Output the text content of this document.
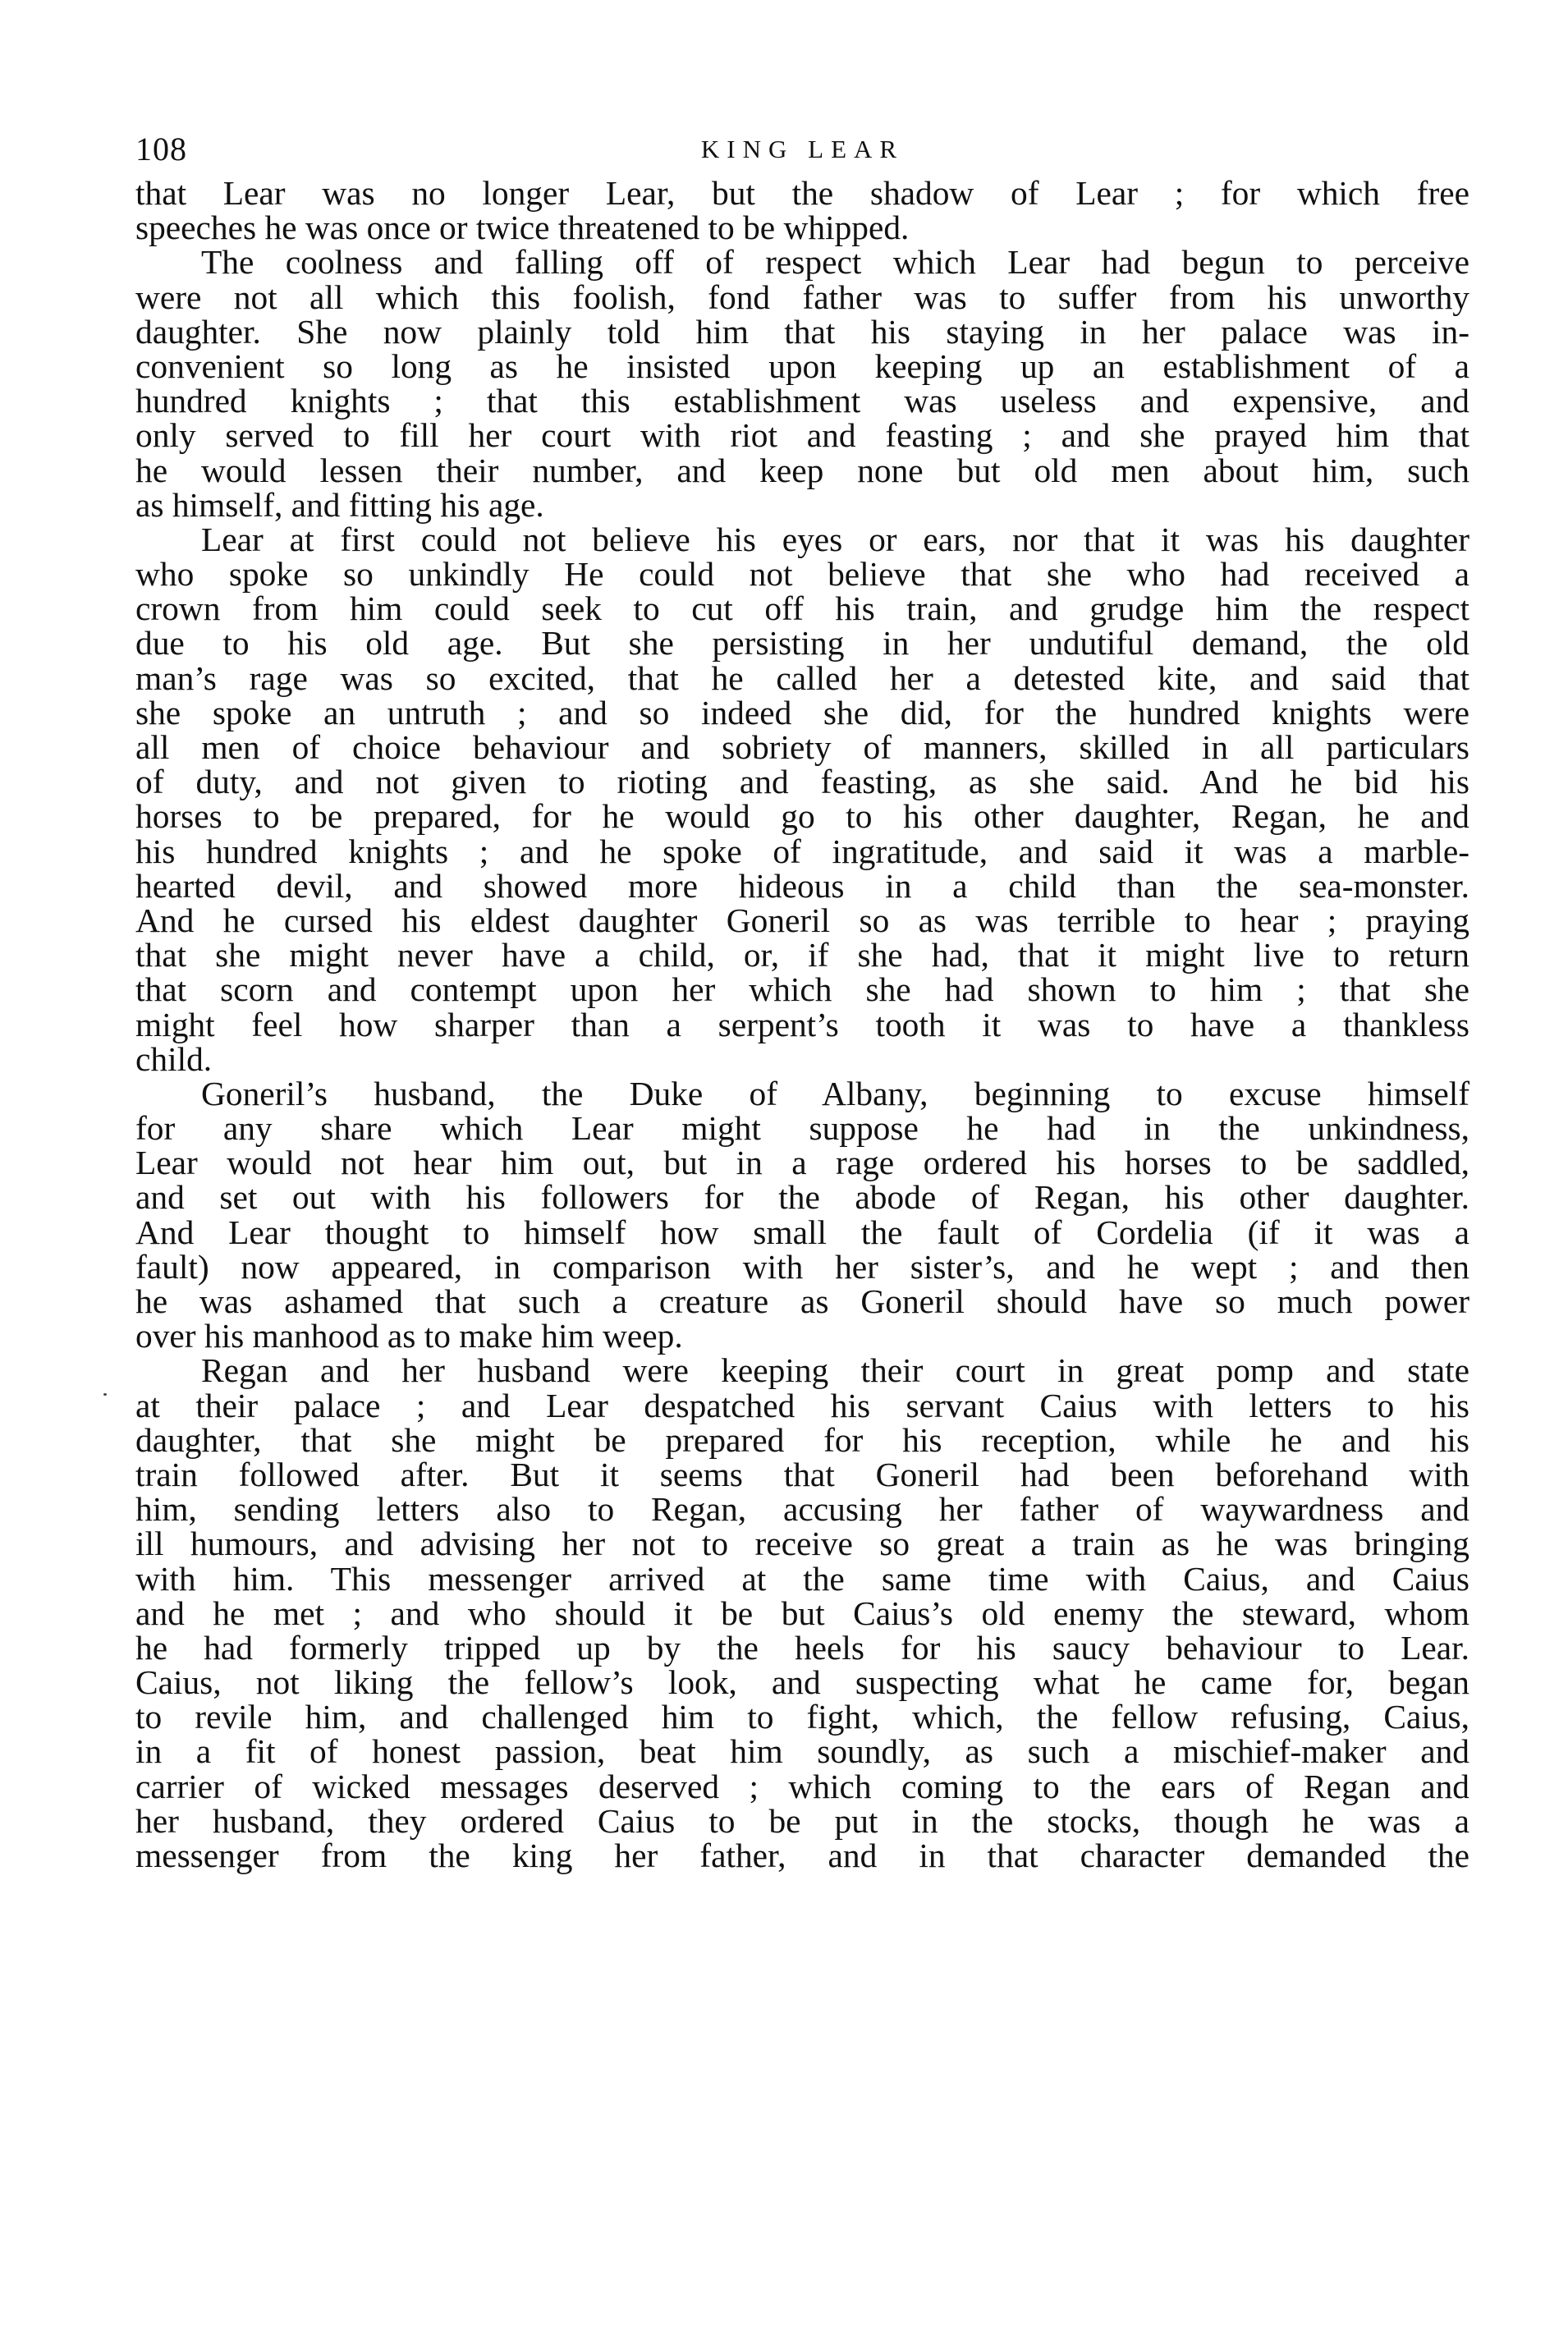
108	KING LEAR

that Lear was no longer Lear, but the shadow of Lear ; for which free
speeches he was once or twice threatened to be whipped.

The coolness and falling off of respect which Lear had begun to perceive
were not all which this foolish, fond father was to suffer from his unworthy
daughter. She now plainly told him that his staying in her palace was in-
convenient so long as he insisted upon keeping up an establishment of a
hundred knights ; that this establishment was useless and expensive, and
only served to fill her court with riot and feasting ; and she prayed him that
he would lessen their number, and keep none but old men about him, such
as himself, and fitting his age.

Lear at first could not believe his eyes or ears, nor that it was his daughter
who spoke so unkindly He could not believe that she who had received a
crown from him could seek to cut off his train, and grudge him the respect
due to his old age. But she persisting in her undutiful demand, the old
man’s rage was so excited, that he called her a detested kite, and said that
she spoke an untruth ; and so indeed she did, for the hundred knights were
all men of choice behaviour and sobriety of manners, skilled in all particulars
of duty, and not given to rioting and feasting, as she said. And he bid his
horses to be prepared, for he would go to his other daughter, Regan, he and
his hundred knights ; and he spoke of ingratitude, and said it was a marble-
hearted devil, and showed more hideous in a child than the sea-monster.
And he cursed his eldest daughter Goneril so as was terrible to hear ; praying
that she might never have a child, or, if she had, that it might live to return
that scorn and contempt upon her which she had shown to him ; that she
might feel how sharper than a serpent’s tooth it was to have a thankless
child.

Goneril’s husband, the Duke of Albany, beginning to excuse himself
for any share which Lear might suppose he had in the unkindness,
Lear would not hear him out, but in a rage ordered his horses to be saddled,
and set out with his followers for the abode of Regan, his other daughter.
And Lear thought to himself how small the fault of Cordelia (if it was a
fault) now appeared, in comparison with her sister’s, and he wept ; and then
he was ashamed that such a creature as Goneril should have so much power
over his manhood as to make him weep.

Regan and her husband were keeping their court in great pomp and state
at their palace ; and Lear despatched his servant Caius with letters to his
daughter, that she might be prepared for his reception, while he and his
train followed after. But it seems that Goneril had been beforehand with
him, sending letters also to Regan, accusing her father of waywardness and
ill humours, and advising her not to receive so great a train as he was bringing
with him. This messenger arrived at the same time with Caius, and Caius
and he met ; and who should it be but Caius’s old enemy the steward, whom
he had formerly tripped up by the heels for his saucy behaviour to Lear.
Caius, not liking the fellow’s look, and suspecting what he came for, began
to revile him, and challenged him to fight, which, the fellow refusing, Caius,
in a fit of honest passion, beat him soundly, as such a mischief-maker and
carrier of wicked messages deserved ; which coming to the ears of Regan and
her husband, they ordered Caius to be put in the stocks, though he was a
messenger from the king her father, and in that character demanded the
